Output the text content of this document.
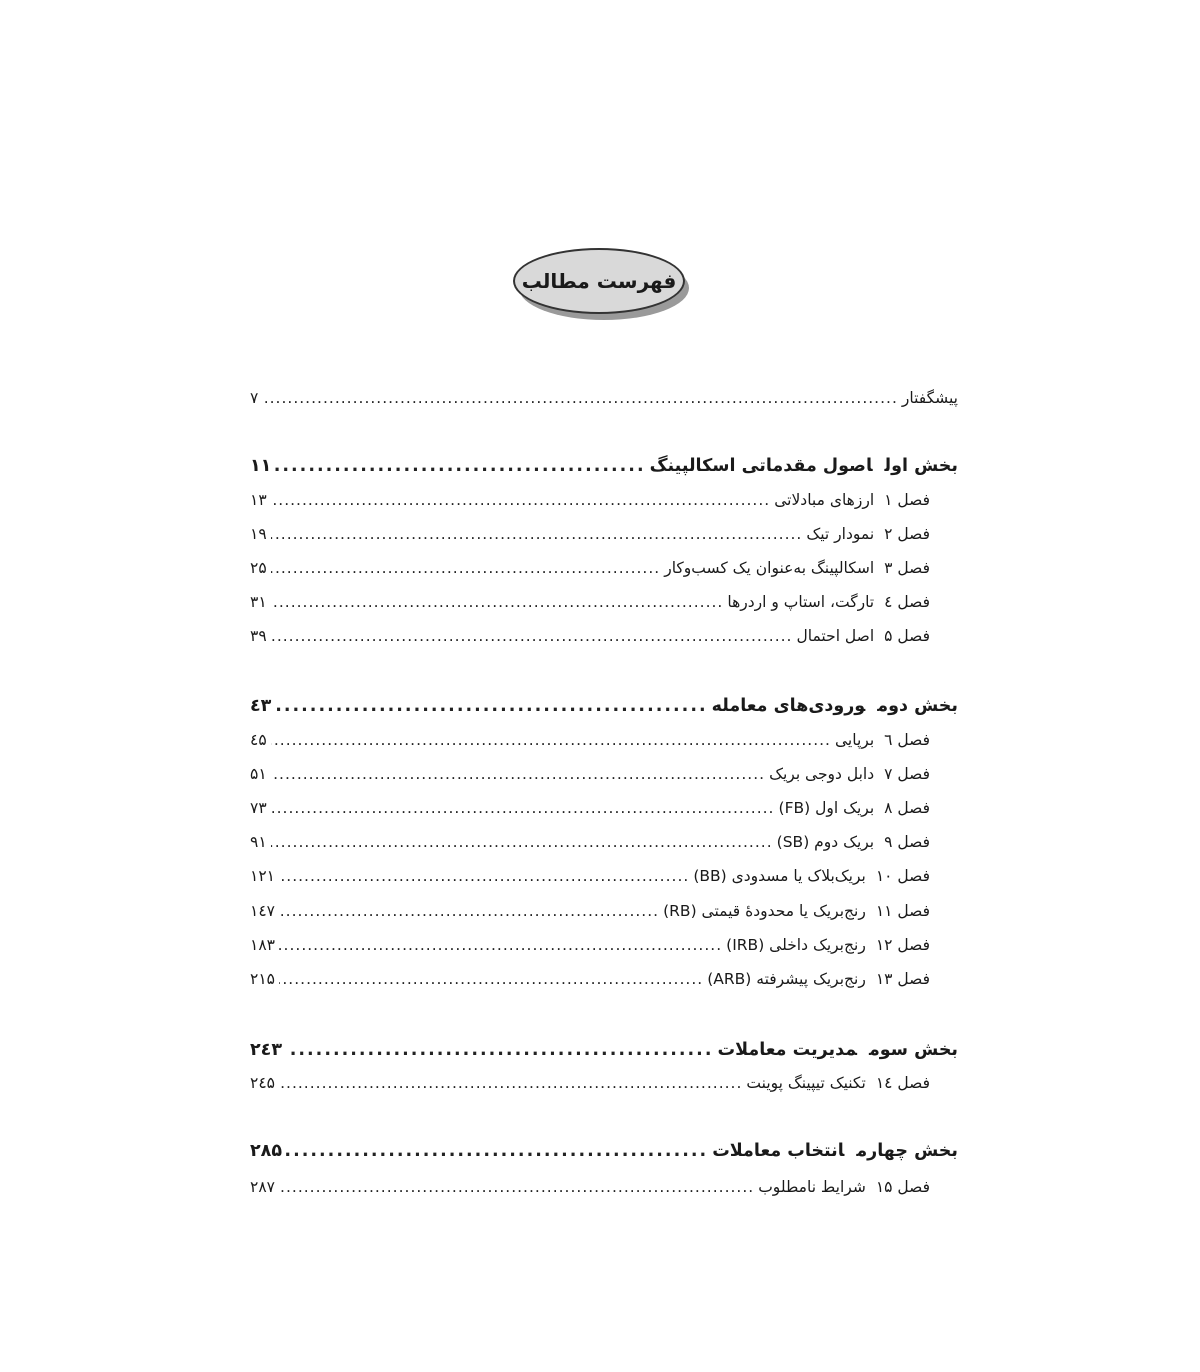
فهرست مطالب
پیشگفتار
.....
۷
بخش اولاصول مقدماتی اسکالپینگ
.....
۱۱
فصل ۱ارزهای مبادلاتی
.....
۱۳
فصل ۲نمودار تیک
.....
۱۹
فصل ۳اسکالپینگ به‌عنوان یک کسب‌وکار
.....
۲۵
فصل ٤تارگت، استاپ و اردرها
.....
۳۱
فصل ۵اصل احتمال
.....
۳۹
بخش دومورودی‌های معامله
.....
٤۳
فصل ٦برپایی
.....
٤۵
فصل ۷دابل دوجی بریک
.....
۵۱
فصل ۸بریک اول (FB)
.....
۷۳
فصل ۹بریک دوم (SB)
.....
۹۱
فصل ۱۰بریک‌بلاک یا مسدودی (BB)
.....
۱۲۱
فصل ۱۱رنج‌بریک یا محدودهٔ قیمتی (RB)
.....
۱٤۷
فصل ۱۲رنج‌بریک داخلی (IRB)
.....
۱۸۳
فصل ۱۳رنج‌بریک پیشرفته (ARB)
.....
۲۱۵
بخش سوممدیریت معاملات
.....
۲٤۳
فصل ١٤تکنیک تیپینگ پوینت
.....
۲٤۵
بخش چهارمانتخاب معاملات
.....
۲۸۵
فصل ۱۵شرایط نامطلوب
.....
۲۸۷
